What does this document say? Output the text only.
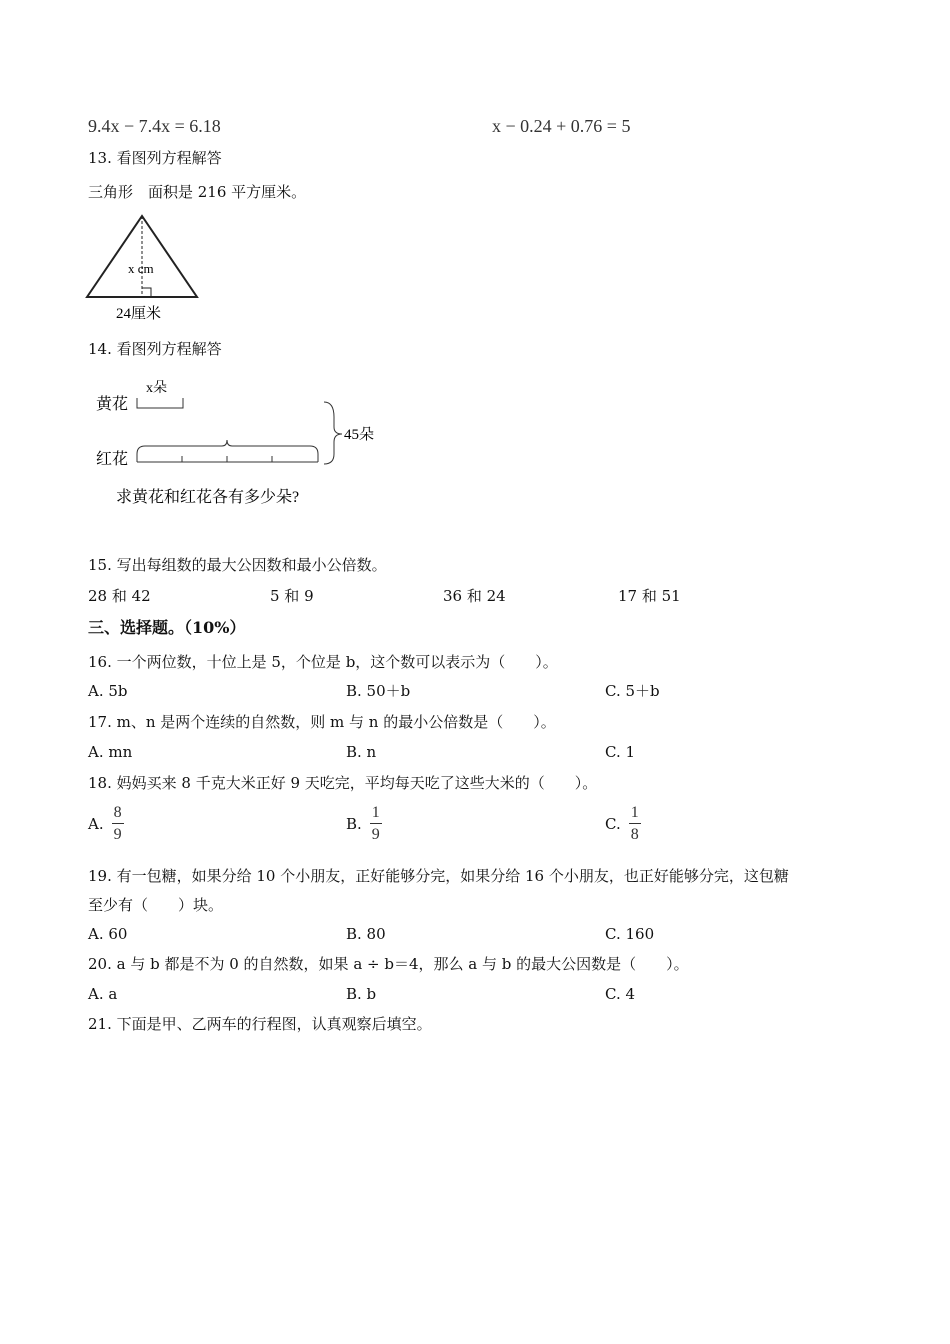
9.4x − 7.4x = 6.18	x − 0.24 + 0.76 = 5
13. 看图列方程解答
三角形　面积是 216 平方厘米。
x cm
24厘米
14. 看图列方程解答
黄花
x朵
红花
45朵
求黄花和红花各有多少朵?
15. 写出每组数的最大公因数和最小公倍数。
28 和 42	5 和 9	36 和 24	17 和 51
三、选择题。（10%）
16. 一个两位数，十位上是 5，个位是 b，这个数可以表示为（　　）。
A. 5b	B. 50＋b	C. 5＋b
17. m、n 是两个连续的自然数，则 m 与 n 的最小公倍数是（　　）。
A. mn	B. n	C. 1
18. 妈妈买来 8 千克大米正好 9 天吃完，平均每天吃了这些大米的（　　）。
A.
8
9
B.
1
9
C.
1
8
19. 有一包糖，如果分给 10 个小朋友，正好能够分完，如果分给 16 个小朋友，也正好能够分完，这包糖
至少有（　　）块。
A. 60	B. 80	C. 160
20. a 与 b 都是不为 0 的自然数，如果 a ÷ b＝4，那么 a 与 b 的最大公因数是（　　）。
A. a	B. b	C. 4
21. 下面是甲、乙两车的行程图，认真观察后填空。
